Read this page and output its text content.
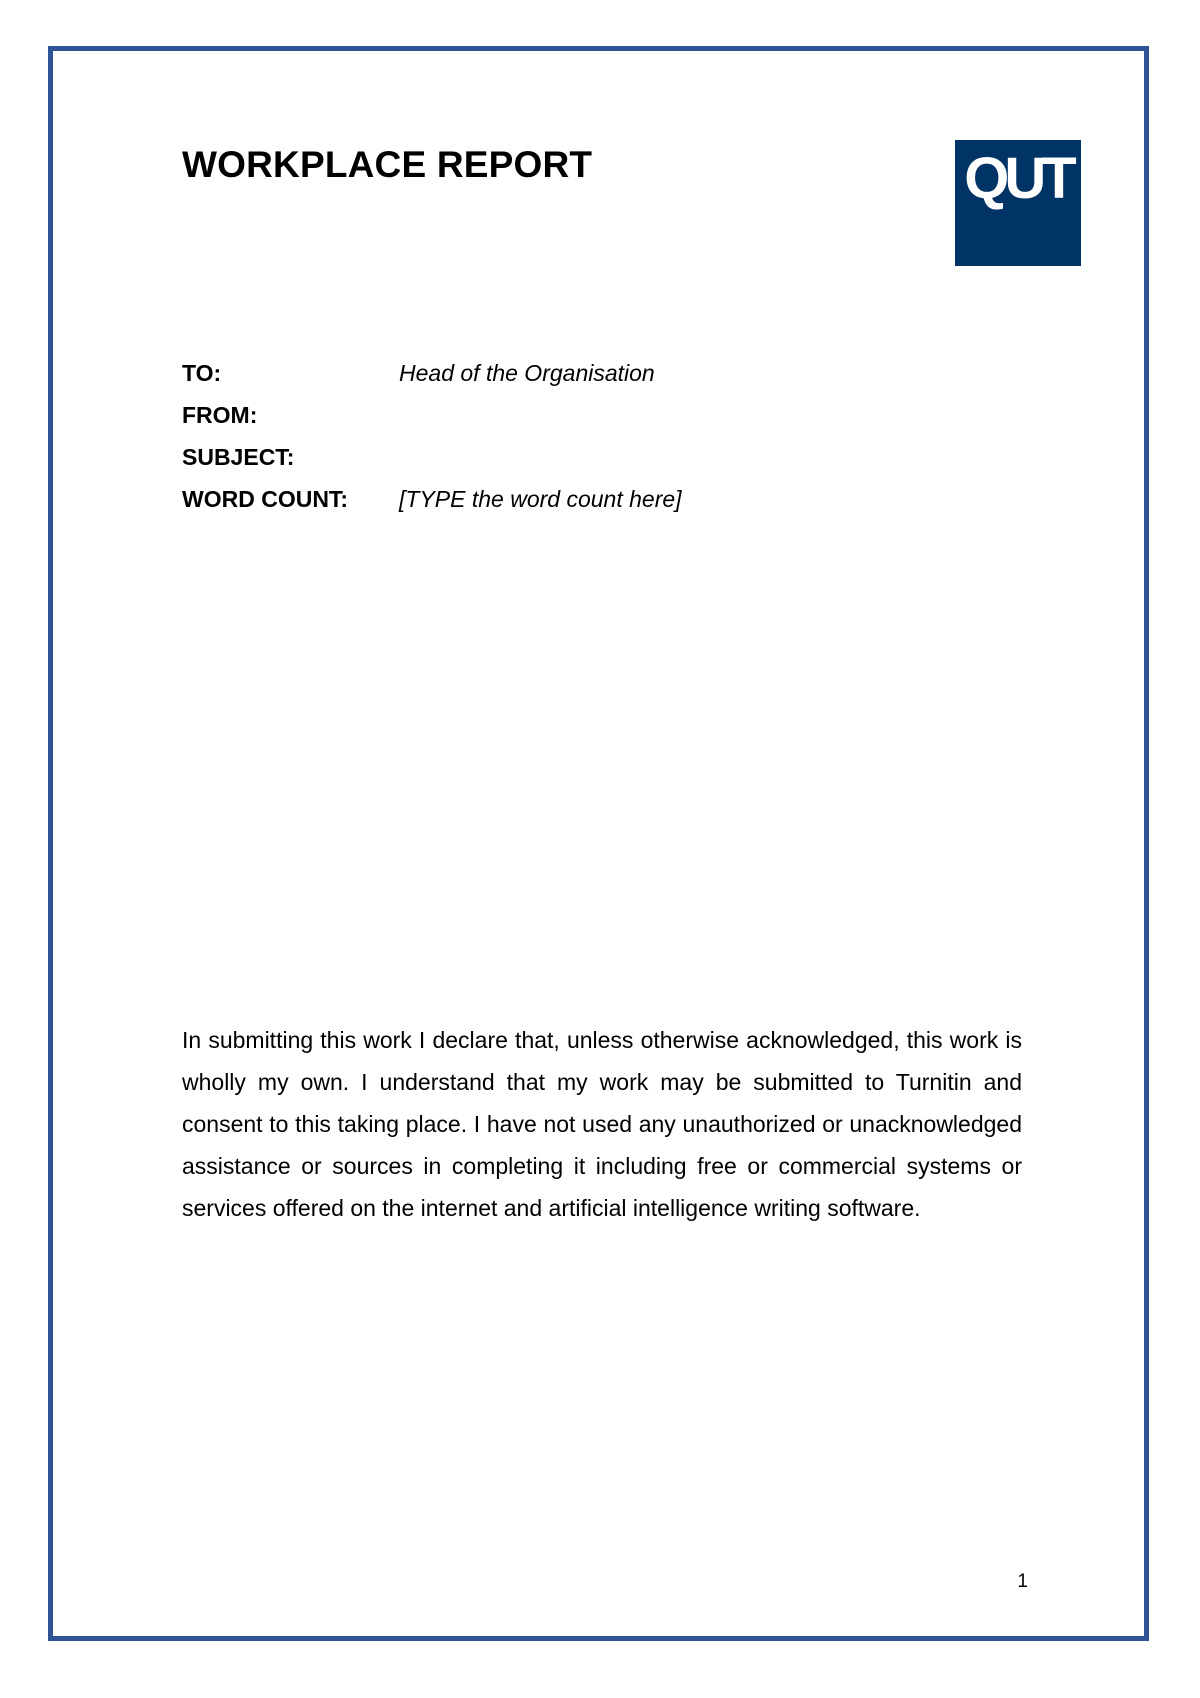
WORKPLACE REPORT	QUT
TO:	Head of the Organisation
FROM:
SUBJECT:
WORD COUNT:	[TYPE the word count here]

In submitting this work I declare that, unless otherwise acknowledged, this work is wholly my own. I understand that my work may be submitted to Turnitin and consent to this taking place. I have not used any unauthorized or unacknowledged assistance or sources in completing it including free or commercial systems or services offered on the internet and artificial intelligence writing software.

1
